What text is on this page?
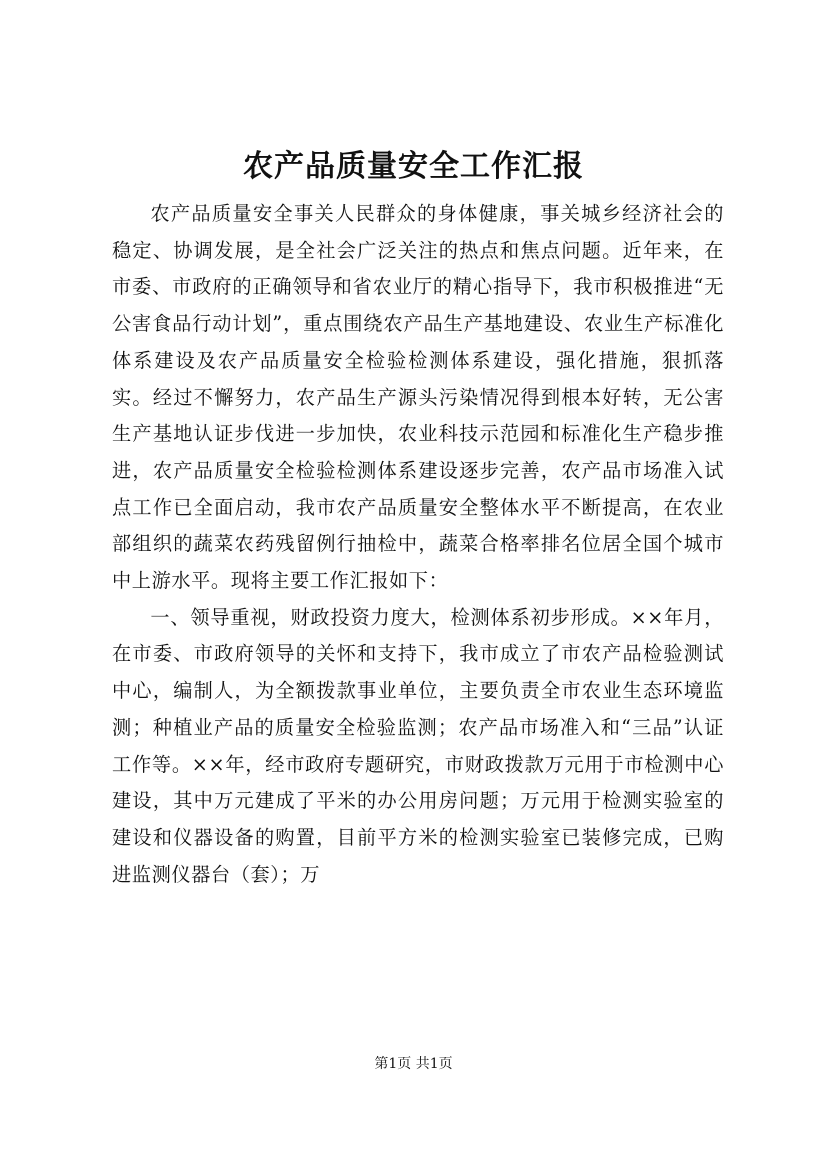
农产品质量安全工作汇报

农产品质量安全事关人民群众的身体健康，事关城乡经济社会的稳定、协调发展，是全社会广泛关注的热点和焦点问题。近年来，在市委、市政府的正确领导和省农业厅的精心指导下，我市积极推进“无公害食品行动计划”，重点围绕农产品生产基地建设、农业生产标准化体系建设及农产品质量安全检验检测体系建设，强化措施，狠抓落实。经过不懈努力，农产品生产源头污染情况得到根本好转，无公害生产基地认证步伐进一步加快，农业科技示范园和标准化生产稳步推进，农产品质量安全检验检测体系建设逐步完善，农产品市场准入试点工作已全面启动，我市农产品质量安全整体水平不断提高，在农业部组织的蔬菜农药残留例行抽检中，蔬菜合格率排名位居全国个城市中上游水平。现将主要工作汇报如下：

一、领导重视，财政投资力度大，检测体系初步形成。××年月，在市委、市政府领导的关怀和支持下，我市成立了市农产品检验测试中心，编制人，为全额拨款事业单位，主要负责全市农业生态环境监测；种植业产品的质量安全检验监测；农产品市场准入和“三品”认证工作等。××年，经市政府专题研究，市财政拨款万元用于市检测中心建设，其中万元建成了平米的办公用房问题；万元用于检测实验室的建设和仪器设备的购置，目前平方米的检测实验室已装修完成，已购进监测仪器台（套）；万

第1页 共1页
